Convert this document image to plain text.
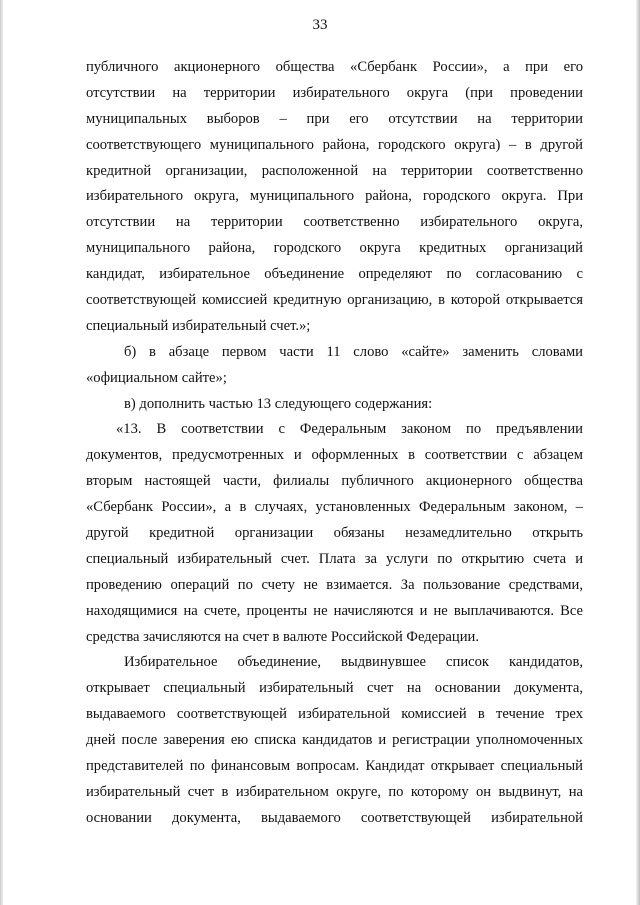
33
публичного акционерного общества «Сбербанк России», а при его
отсутствии на территории избирательного округа (при проведении
муниципальных выборов – при его отсутствии на территории
соответствующего муниципального района, городского округа) – в другой
кредитной организации, расположенной на территории соответственно
избирательного округа, муниципального района, городского округа. При
отсутствии на территории соответственно избирательного округа,
муниципального района, городского округа кредитных организаций
кандидат, избирательное объединение определяют по согласованию с
соответствующей комиссией кредитную организацию, в которой открывается
специальный избирательный счет.»;
б) в абзаце первом части 11 слово «сайте» заменить словами
«официальном сайте»;
в) дополнить частью 13 следующего содержания:
«13. В соответствии с Федеральным законом по предъявлении
документов, предусмотренных и оформленных в соответствии с абзацем
вторым настоящей части, филиалы публичного акционерного общества
«Сбербанк России», а в случаях, установленных Федеральным законом, –
другой кредитной организации обязаны незамедлительно открыть
специальный избирательный счет. Плата за услуги по открытию счета и
проведению операций по счету не взимается. За пользование средствами,
находящимися на счете, проценты не начисляются и не выплачиваются. Все
средства зачисляются на счет в валюте Российской Федерации.
Избирательное объединение, выдвинувшее список кандидатов,
открывает специальный избирательный счет на основании документа,
выдаваемого соответствующей избирательной комиссией в течение трех
дней после заверения ею списка кандидатов и регистрации уполномоченных
представителей по финансовым вопросам. Кандидат открывает специальный
избирательный счет в избирательном округе, по которому он выдвинут, на
основании документа, выдаваемого соответствующей избирательной
